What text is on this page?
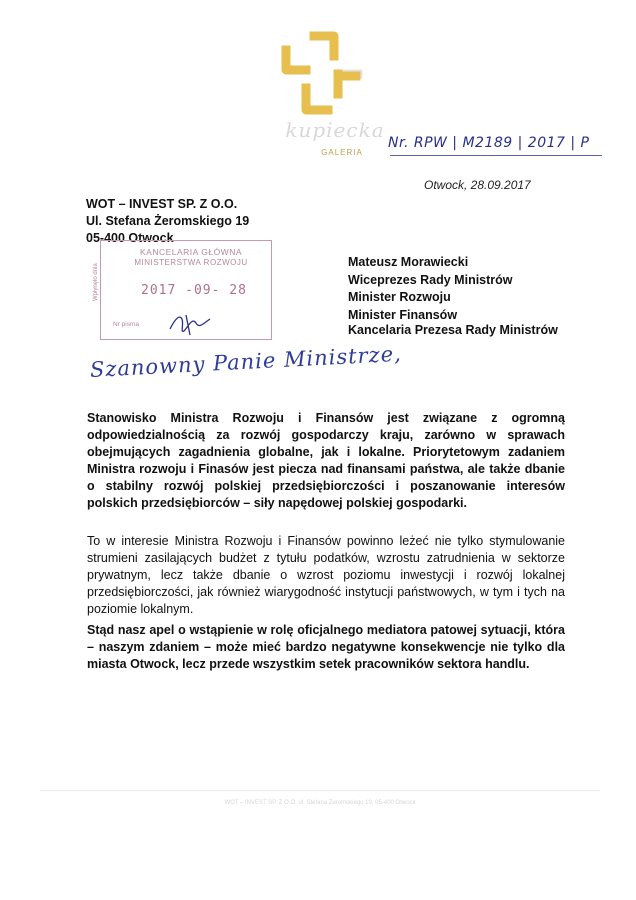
kupiecka
GALERIA
Nr. RPW | M2189 | 2017 | P
Otwock, 28.09.2017
WOT – INVEST SP. Z O.O.
Ul. Stefana Żeromskiego 19
05-400 Otwock
Wpłynęło dnia
KANCELARIA GŁÓWNA
MINISTERSTWA ROZWOJU
2017 -09- 28
Nr pisma
Mateusz Morawiecki
Wiceprezes Rady Ministrów
Minister Rozwoju
Minister Finansów
Kancelaria Prezesa Rady Ministrów
Szanowny Panie Ministrze,
Stanowisko Ministra Rozwoju i Finansów jest związane z ogromną odpowiedzialnością za rozwój gospodarczy kraju, zarówno w sprawach obejmujących zagadnienia globalne, jak i lokalne. Priorytetowym zadaniem Ministra rozwoju i Finasów jest piecza nad finansami państwa, ale także dbanie o stabilny rozwój polskiej przedsiębiorczości i poszanowanie interesów polskich przedsiębiorców – siły napędowej polskiej gospodarki.
To w interesie Ministra Rozwoju i Finansów powinno leżeć nie tylko stymulowanie strumieni zasilających budżet z tytułu podatków, wzrostu zatrudnienia w sektorze prywatnym, lecz także dbanie o wzrost poziomu inwestycji i rozwój lokalnej przedsiębiorczości, jak również wiarygodność instytucji państwowych, w tym i tych na poziomie lokalnym.
Stąd nasz apel o wstąpienie w rolę oficjalnego mediatora patowej sytuacji, która – naszym zdaniem – może mieć bardzo negatywne konsekwencje nie tylko dla miasta Otwock, lecz przede wszystkim setek pracowników sektora handlu.
WOT – INVEST SP. Z O.O. ul. Stefana Żeromskiego 19, 05-400 Otwock
